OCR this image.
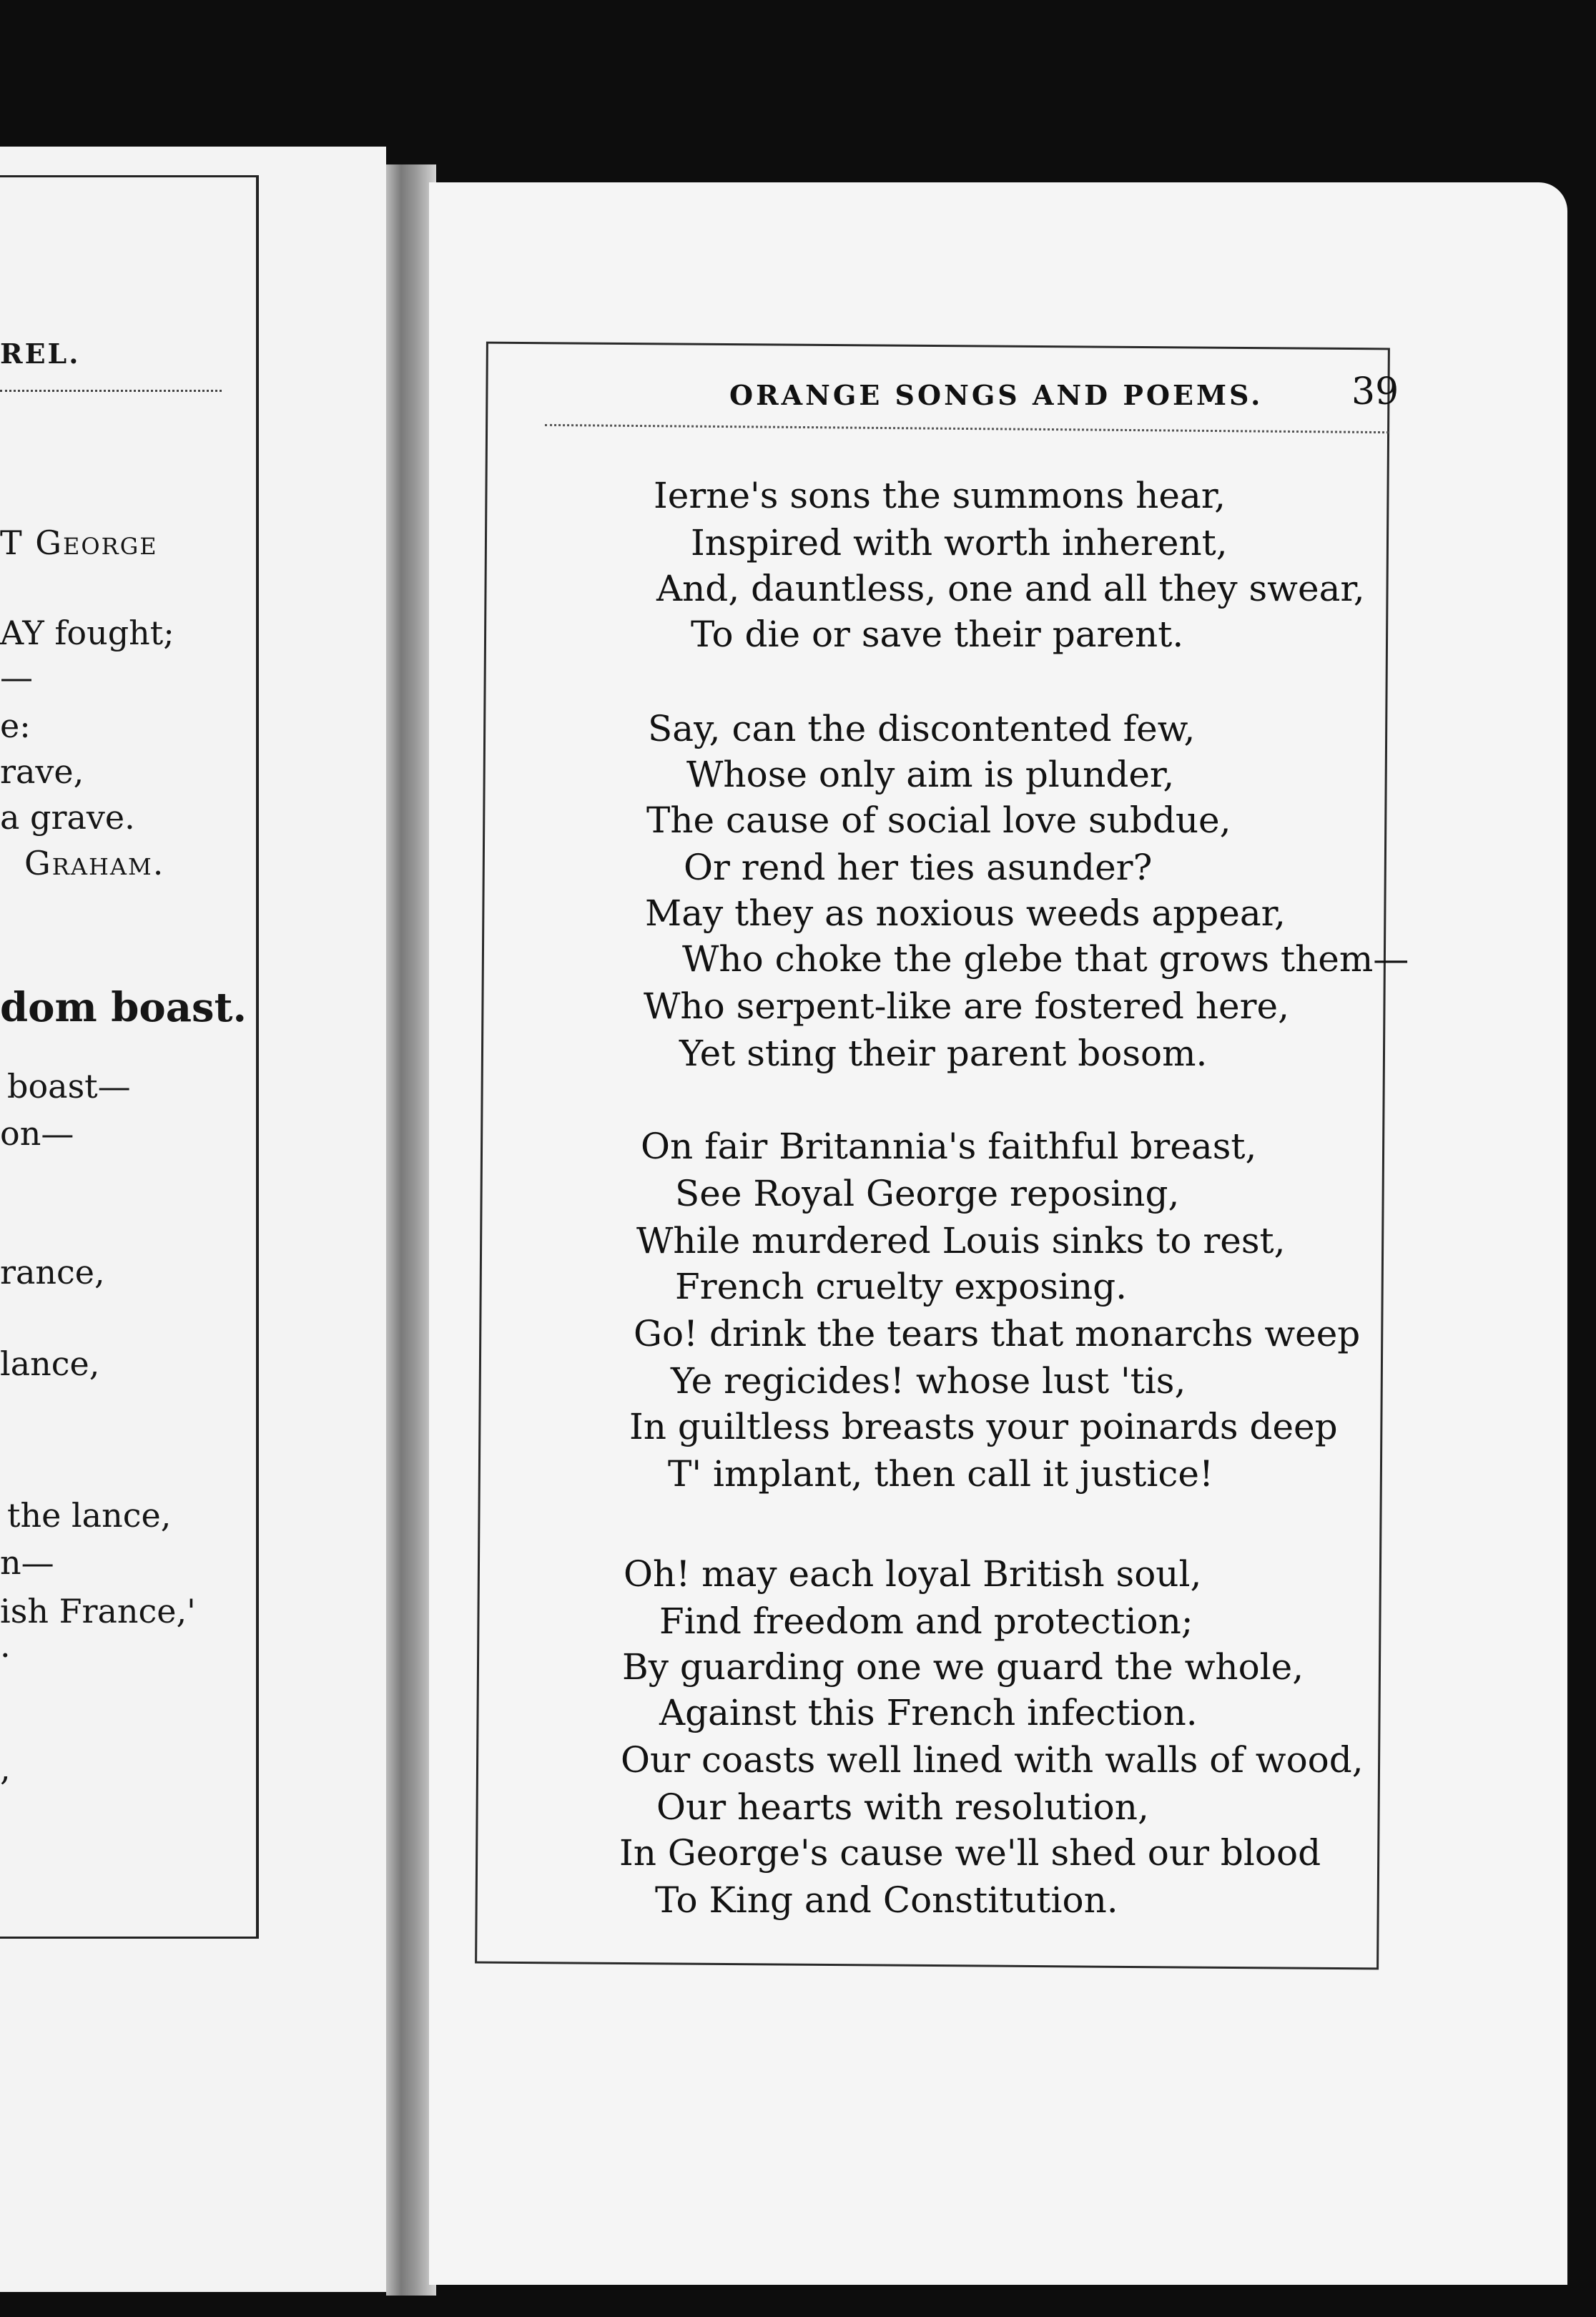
REL.
T George
AY fought;
—
e:
rave,
a grave.
Graham.
dom boast.
boast—
on—
rance,
lance,
the lance,
n—
ish France,'
.
,
ORANGE SONGS AND POEMS. 39
Ierne's sons the summons hear,
Inspired with worth inherent,
And, dauntless, one and all they swear,
To die or save their parent.
Say, can the discontented few,
Whose only aim is plunder,
The cause of social love subdue,
Or rend her ties asunder?
May they as noxious weeds appear,
Who choke the glebe that grows them—
Who serpent-like are fostered here,
Yet sting their parent bosom.
On fair Britannia's faithful breast,
See Royal George reposing,
While murdered Louis sinks to rest,
French cruelty exposing.
Go! drink the tears that monarchs weep
Ye regicides! whose lust 'tis,
In guiltless breasts your poinards deep
T' implant, then call it justice!
Oh! may each loyal British soul,
Find freedom and protection;
By guarding one we guard the whole,
Against this French infection.
Our coasts well lined with walls of wood,
Our hearts with resolution,
In George's cause we'll shed our blood
To King and Constitution.
